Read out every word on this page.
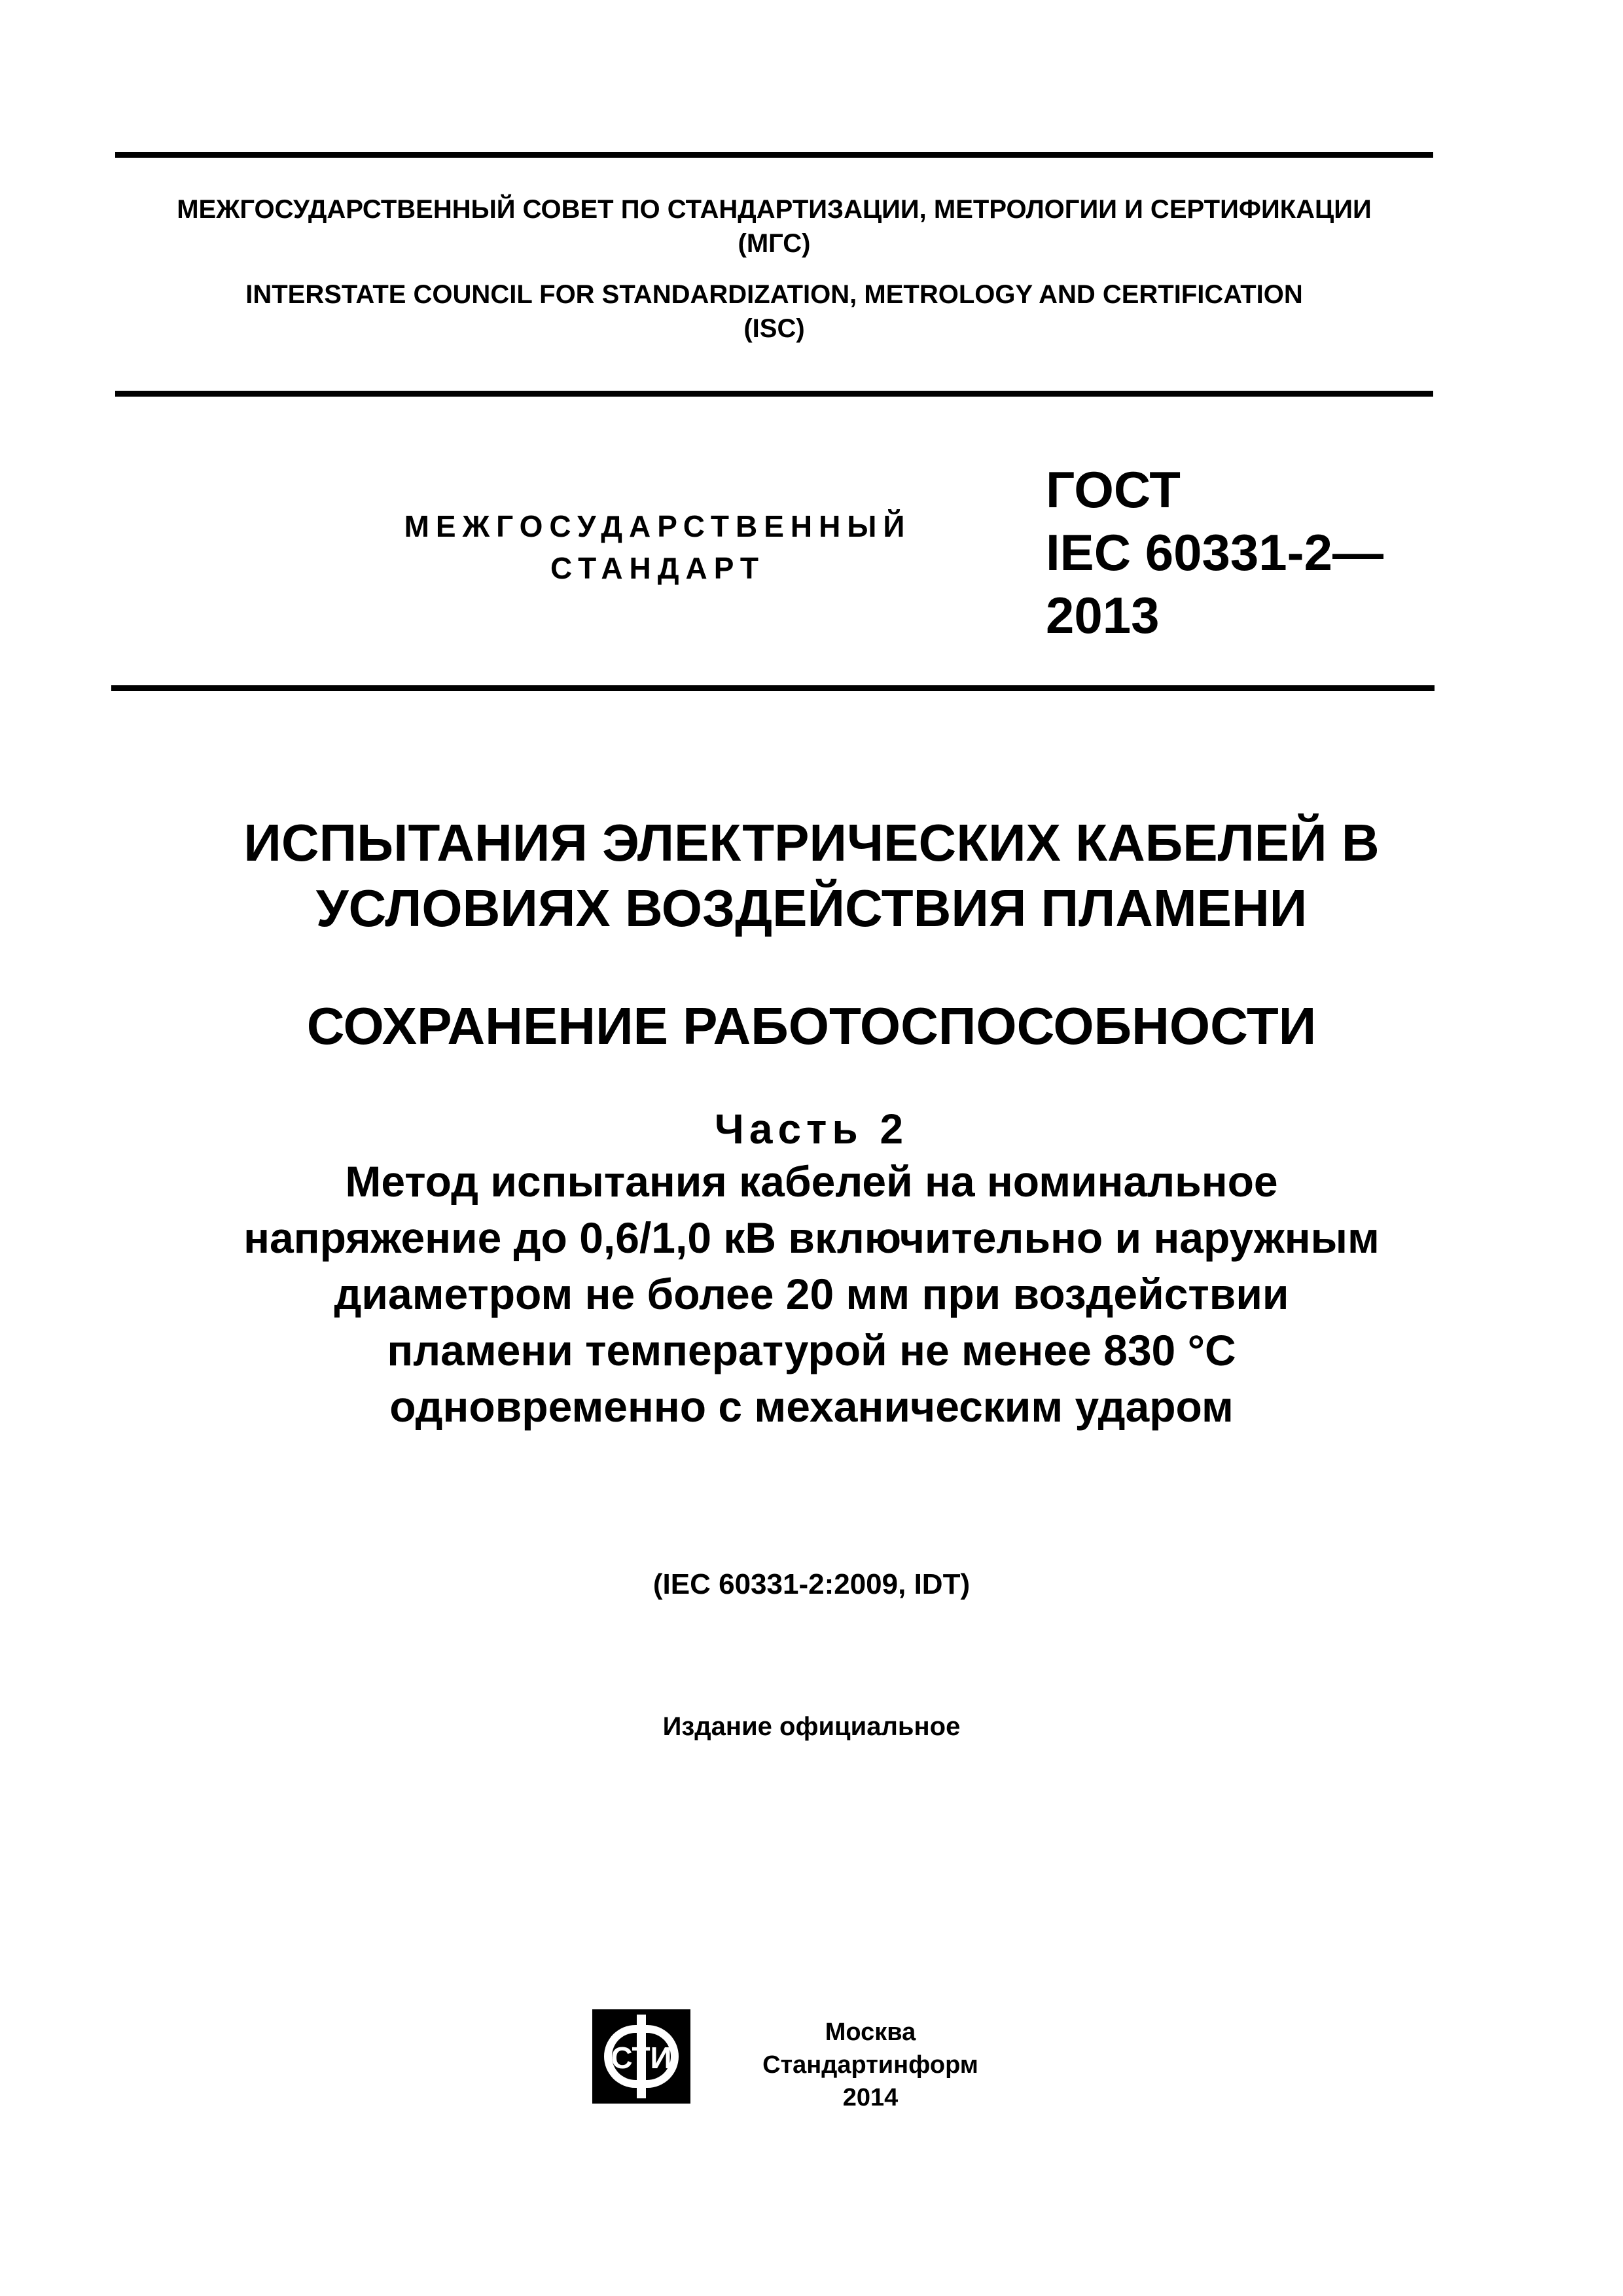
МЕЖГОСУДАРСТВЕННЫЙ СОВЕТ ПО СТАНДАРТИЗАЦИИ, МЕТРОЛОГИИ И СЕРТИФИКАЦИИ
(МГС)
INTERSTATE COUNCIL FOR STANDARDIZATION, METROLOGY AND CERTIFICATION
(ISC)
МЕЖГОСУДАРСТВЕННЫЙ
СТАНДАРТ
ГОСТ
IEC 60331-2—
2013
ИСПЫТАНИЯ ЭЛЕКТРИЧЕСКИХ КАБЕЛЕЙ В
УСЛОВИЯХ ВОЗДЕЙСТВИЯ ПЛАМЕНИ
СОХРАНЕНИЕ РАБОТОСПОСОБНОСТИ
Часть 2
Метод испытания кабелей на номинальное
напряжение до 0,6/1,0 кВ включительно и наружным
диаметром не более 20 мм при воздействии
пламени температурой не менее 830 °С
одновременно с механическим ударом
(IEC 60331-2:2009, IDT)
Издание официальное
СТИ
Москва
Стандартинформ
2014
